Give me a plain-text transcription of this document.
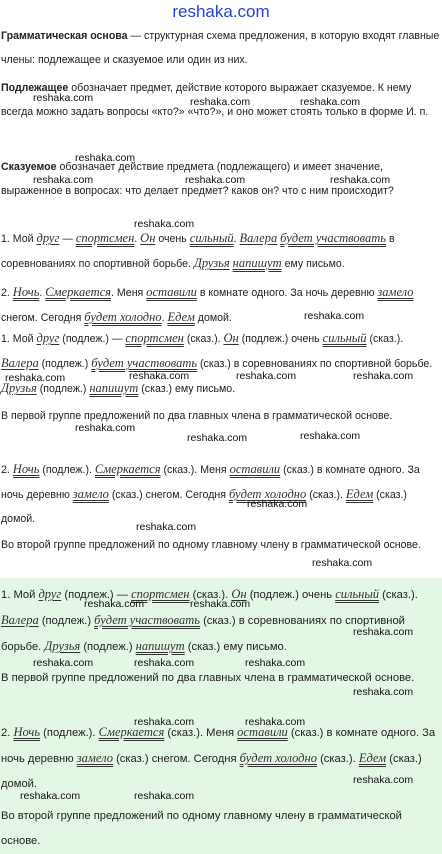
reshaka.com

Грамматическая основа — структурная схема предложения, в которую входят главные члены: подлежащее и сказуемое или один из них.

Подлежащее обозначает предмет, действие которого выражает сказуемое. К нему всегда можно задать вопросы «кто?» «что?», и оно может стоять только в форме И. п.

Сказуемое обозначает действие предмета (подлежащего) и имеет значение, выраженное в вопросах: что делает предмет? каков он? что с ним происходит?

1. Мой друг — спортсмен. Он очень сильный. Валера будет участвовать в соревнованиях по спортивной борьбе. Друзья напишут ему письмо.

2. Ночь. Смеркается. Меня оставили в комнате одного. За ночь деревню замело снегом. Сегодня будет холодно. Едем домой.

1. Мой друг (подлеж.) — спортсмен (сказ.). Он (подлеж.) очень сильный (сказ.). Валера (подлеж.) будет участвовать (сказ.) в соревнованиях по спортивной борьбе. Друзья (подлеж.) напишут (сказ.) ему письмо.

В первой группе предложений по два главных члена в грамматической основе.

2. Ночь (подлеж.). Смеркается (сказ.). Меня оставили (сказ.) в комнате одного. За ночь деревню замело (сказ.) снегом. Сегодня будет холодно (сказ.). Едем (сказ.) домой.

Во второй группе предложений по одному главному члену в грамматической основе.

1. Мой друг (подлеж.) — спортсмен (сказ.). Он (подлеж.) очень сильный (сказ.). Валера (подлеж.) будет участвовать (сказ.) в соревнованиях по спортивной борьбе. Друзья (подлеж.) напишут (сказ.) ему письмо.

В первой группе предложений по два главных члена в грамматической основе.

2. Ночь (подлеж.). Смеркается (сказ.). Меня оставили (сказ.) в комнате одного. За ночь деревню замело (сказ.) снегом. Сегодня будет холодно (сказ.). Едем (сказ.) домой.

Во второй группе предложений по одному главному члену в грамматической основе.

reshaka.com	reshaka.com	reshaka.com
reshaka.com
reshaka.com	reshaka.com	reshaka.com
reshaka.com
reshaka.com
reshaka.com	reshaka.com	reshaka.com	reshaka.com
reshaka.com
reshaka.com	reshaka.com
reshaka.com
reshaka.com
reshaka.com
reshaka.com	reshaka.com
reshaka.com
reshaka.com	reshaka.com	reshaka.com
reshaka.com
reshaka.com	reshaka.com
reshaka.com
reshaka.com	reshaka.com
